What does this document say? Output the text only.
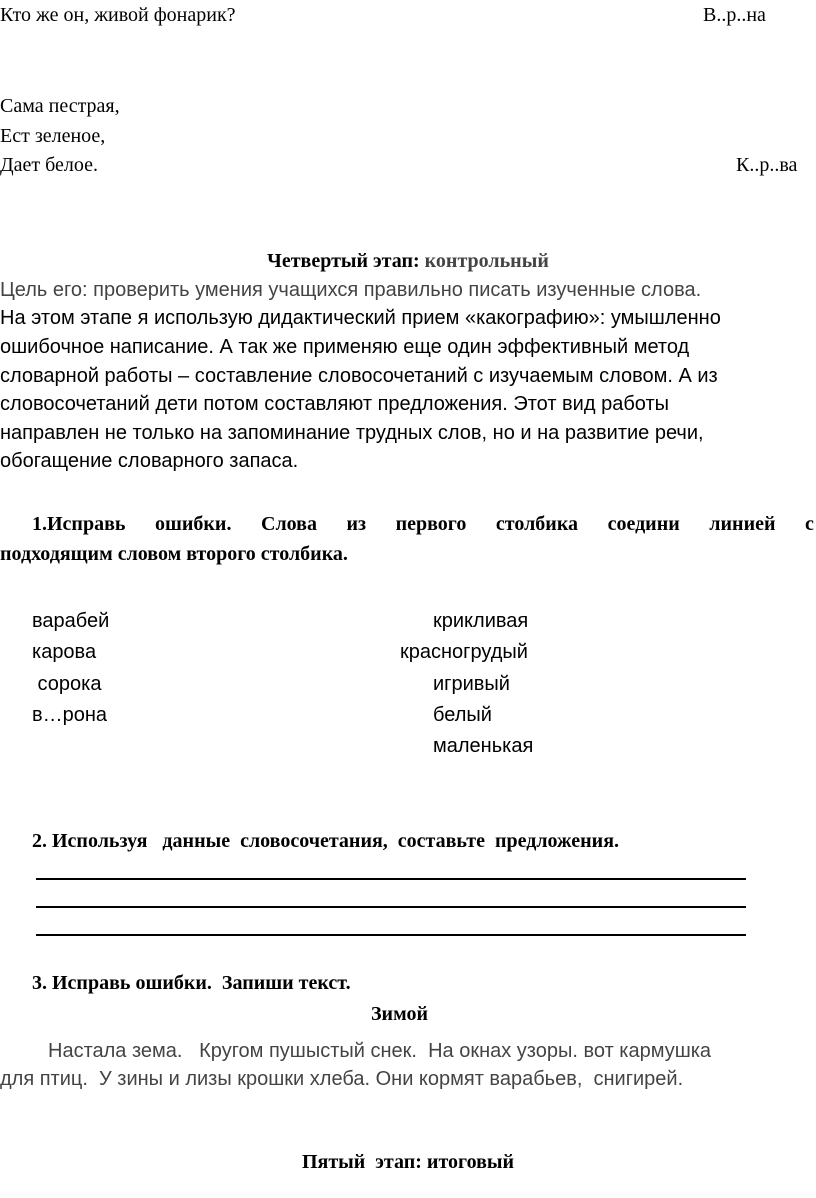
Кто же он, живой фонарик?	В..р..на
Сама пестрая,
Ест зеленое,
Дает белое.	К..р..ва
Четвертый этап: контрольный
Цель его: проверить умения учащихся правильно писать изученные слова.
На этом этапе я использую дидактический прием «какографию»: умышленно
ошибочное написание. А так же применяю еще один эффективный метод
словарной работы – составление словосочетаний с изучаемым словом. А из
словосочетаний дети потом составляют предложения. Этот вид работы
направлен не только на запоминание трудных слов, но и на развитие речи,
обогащение словарного запаса.
1.Исправь ошибки. Слова из первого столбика соедини линией с
подходящим словом второго столбика.
варабей
карова
сорока
в…рона
крикливая
красногрудый
игривый
белый
маленькая
2. Используя   данные  словосочетания,  составьте  предложения.
3. Исправь ошибки.  Запиши текст.
Зимой
Настала зема.   Кругом пушыстый снек.  На окнах узоры. вот кармушка
для птиц.  У зины и лизы крошки хлеба. Они кормят варабьев,  снигирей.
Пятый  этап: итоговый
